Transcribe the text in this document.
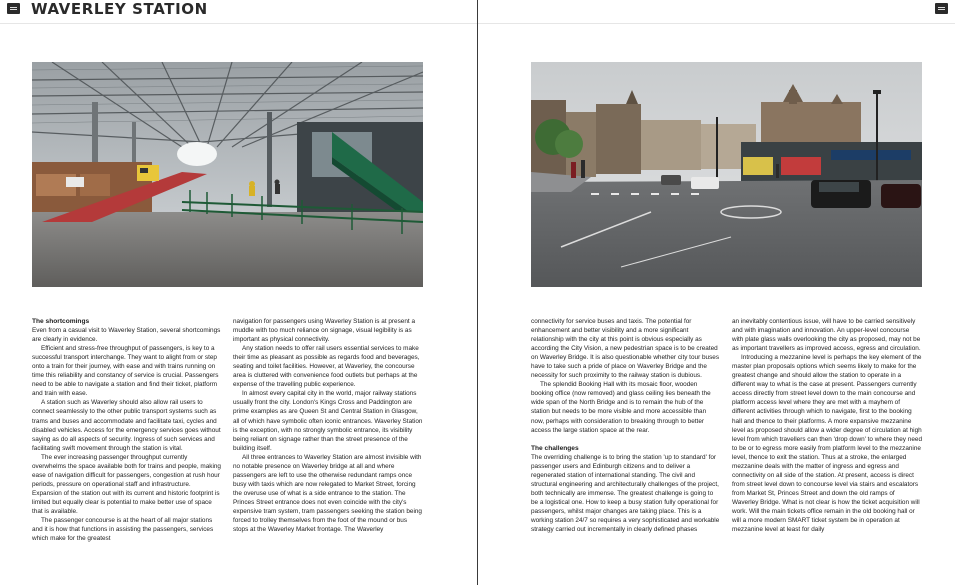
WAVERLEY STATION
The shortcomings

Even from a casual visit to Waverley Station, several shortcomings are clearly in evidence.

Efficient and stress-free throughput of passengers, is key to a successful transport interchange. They want to alight from or step onto a train for their journey, with ease and with trains running on time this reliability and constancy of service is crucial. Passengers need to be able to navigate a station and find their ticket, platform and train with ease.

A station such as Waverley should also allow rail users to connect seamlessly to the other public transport systems such as trams and buses and accommodate and facilitate taxi, cycles and disabled vehicles. Access for the emergency services goes without saying as do all aspects of security. Ingress of such services and facilitating swift movement through the station is vital.

The ever increasing passenger throughput currently overwhelms the space available both for trains and people, making ease of navigation difficult for passengers, congestion at rush hour periods, pressure on operational staff and infrastructure. Expansion of the station out with its current and historic footprint is limited but equally clear is potential to make better use of space that is available.

The passenger concourse is at the heart of all major stations and it is how that functions in assisting the passengers, services which make for the greatest

navigation for passengers using Waverley Station is at present a muddle with too much reliance on signage, visual legibility is as important as physical connectivity.

Any station needs to offer rail users essential services to make their time as pleasant as possible as regards food and beverages, seating and toilet facilities. However, at Waverley, the concourse area is cluttered with convenience food outlets but perhaps at the expense of the travelling public experience.

In almost every capital city in the world, major railway stations usually front the city. London's Kings Cross and Paddington are prime examples as are Queen St and Central Station in Glasgow, all of which have symbolic often iconic entrances. Waverley Station is the exception, with no strongly symbolic entrance, its visibility being reliant on signage rather than the street presence of the building itself.

All three entrances to Waverley Station are almost invisible with no notable presence on Waverley bridge at all and where passengers are left to use the otherwise redundant ramps once busy with taxis which are now relegated to Market Street, forcing the overuse use of what is a side entrance to the station. The Princes Street entrance does not even coincide with the city's expensive tram system, tram passengers seeking the station being forced to trolley themselves from the foot of the mound or bus stops at the Waverley Market frontage. The Waverley

connectivity for service buses and taxis. The potential for enhancement and better visibility and a more significant relationship with the city at this point is obvious especially as according the City Vision, a new pedestrian space is to be created on Waverley Bridge. It is also questionable whether city tour buses have to take such a pride of place on Waverley Bridge and the necessity for such proximity to the railway station is dubious.

The splendid Booking Hall with its mosaic floor, wooden booking office (now removed) and glass ceiling lies beneath the wide span of the North Bridge and is to remain the hub of the station but needs to be more visible and more accessible than now, perhaps with consideration to breaking through to better access the large station space at the rear.

The challenges

The overriding challenge is to bring the station 'up to standard' for passenger users and Edinburgh citizens and to deliver a regenerated station of international standing. The civil and structural engineering and architecturally challenges of the project, both technically are immense. The greatest challenge is going to be a logistical one. How to keep a busy station fully operational for passengers, whilst major changes are taking place. This is a working station 24/7 so requires a very sophisticated and workable strategy carried out incrementally in clearly defined phases

an inevitably contentious issue, will have to be carried sensitively and with imagination and innovation. An upper-level concourse with plate glass walls overlooking the city as proposed, may not be as important travellers as improved access, egress and circulation.

Introducing a mezzanine level is perhaps the key element of the master plan proposals options which seems likely to make for the greatest change and should allow the station to operate in a different way to what is the case at present. Passengers currently access directly from street level down to the main concourse and platform access level where they are met with a mayhem of different activities through which to navigate, first to the booking hall and thence to their platforms. A more expansive mezzanine level as proposed should allow a wider degree of circulation at high level from which travellers can then 'drop down' to where they need to be or to egress more easily from platform level to the mezzanine level, thence to exit the station. Thus at a stroke, the enlarged mezzanine deals with the matter of ingress and egress and connectivity on all side of the station. At present, access is direct from street level down to concourse level via stairs and escalators from Market St, Princes Street and down the old ramps of Waverley Bridge. What is not clear is how the ticket acquisition will work. Will the main tickets office remain in the old booking hall or will a more modern SMART ticket system be in operation at mezzanine level at least for daily
